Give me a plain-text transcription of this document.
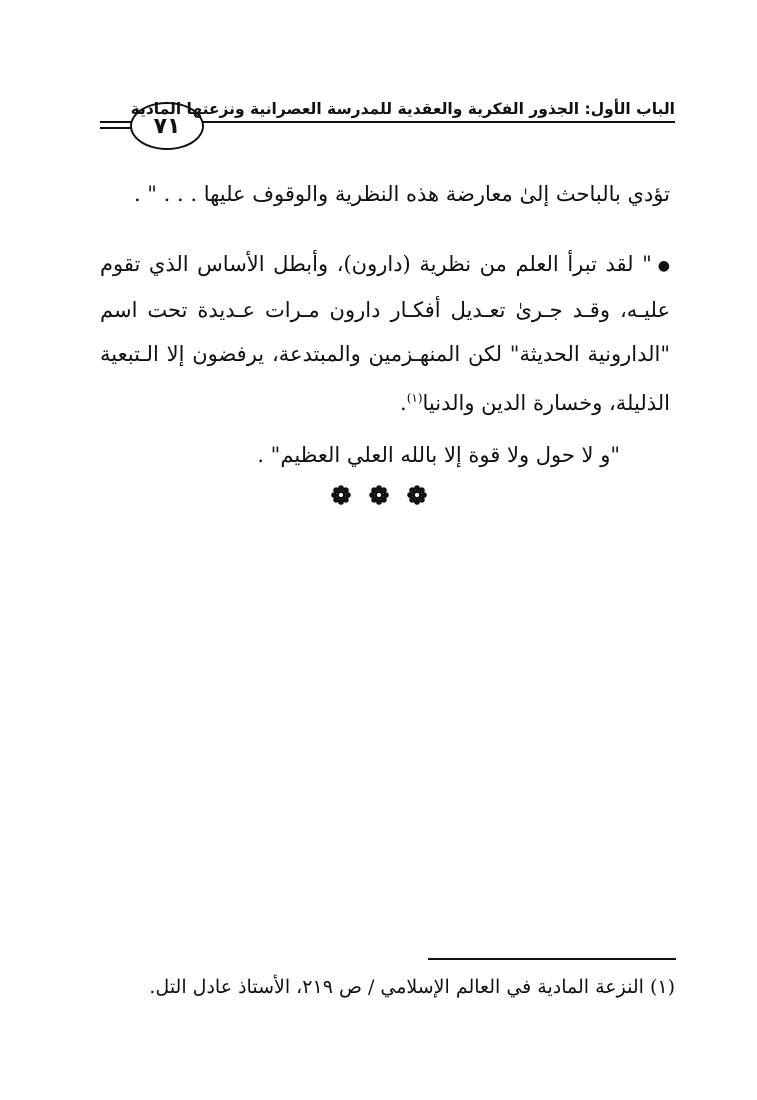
٧١
الباب الأول: الجذور الفكرية والعقدية للمدرسة العصرانية ونزعتها المادية

تؤدي بالباحث إلىٰ معارضة هذه النظرية والوقوف عليها . . . " .

●" لقد تبرأ العلم من نظرية (دارون)، وأبطل الأساس الذي تقوم عليـه، وقـد جـرىٰ تعـديل أفكـار دارون مـرات عـديدة تحت اسم "الدارونية الحديثة" لكن المنهـزمين والمبتدعة، يرفضون إلا الـتبعية الذليلة، وخسارة الدين والدنيا$^{(١)}$.

"و لا حول ولا قوة إلا بالله العلي العظيم" .

(١) النزعة المادية في العالم الإسلامي / ص ٢١٩، الأستاذ عادل التل.
